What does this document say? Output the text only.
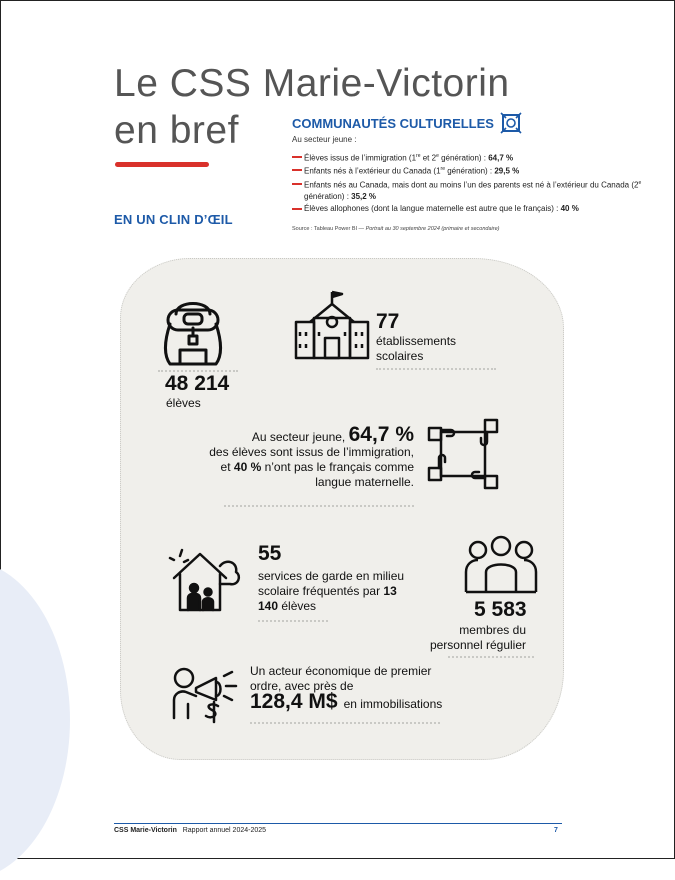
Le CSS Marie-Victorin
en bref
EN UN CLIN D’ŒIL
COMMUNAUTÉS CULTURELLES
Au secteur jeune :
Élèves issus de l’immigration (1re et 2e génération) : 64,7 %
Enfants nés à l’extérieur du Canada (1re génération) : 29,5 %
Enfants nés au Canada, mais dont au moins l’un des parents est né à l’extérieur du Canada (2e génération) : 35,2 %
Élèves allophones (dont la langue maternelle est autre que le français) : 40 %
Source : Tableau Power BI — Portrait au 30 septembre 2024 (primaire et secondaire)
48 214
élèves
77
établissements scolaires
Au secteur jeune, 64,7 %
des élèves sont issus de l’immigration, et 40 % n’ont pas le français comme langue maternelle.
55
services de garde en milieu scolaire fréquentés par 13 140 élèves	5 583
membres du personnel régulier
Un acteur économique de premier ordre, avec près de
128,4 M$ en immobilisations
CSS Marie-Victorin Rapport annuel 2024-2025	7
